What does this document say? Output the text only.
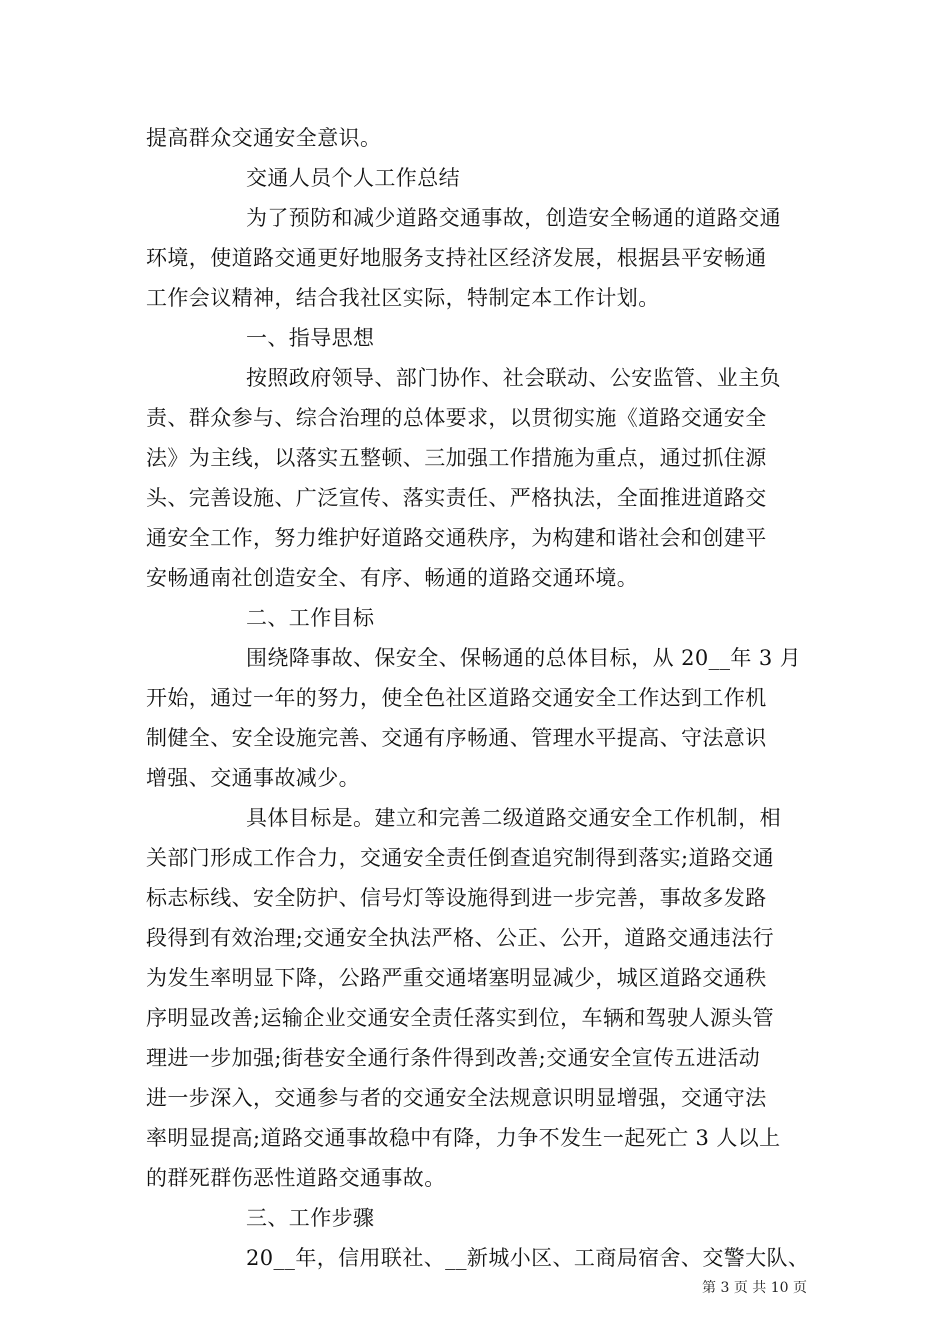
提高群众交通安全意识。
交通人员个人工作总结
为了预防和减少道路交通事故，创造安全畅通的道路交通
环境，使道路交通更好地服务支持社区经济发展，根据县平安畅通
工作会议精神，结合我社区实际，特制定本工作计划。
一、指导思想
按照政府领导、部门协作、社会联动、公安监管、业主负
责、群众参与、综合治理的总体要求，以贯彻实施《道路交通安全
法》为主线，以落实五整顿、三加强工作措施为重点，通过抓住源
头、完善设施、广泛宣传、落实责任、严格执法，全面推进道路交
通安全工作，努力维护好道路交通秩序，为构建和谐社会和创建平
安畅通南社创造安全、有序、畅通的道路交通环境。
二、工作目标
围绕降事故、保安全、保畅通的总体目标，从 20__年 3 月
开始，通过一年的努力，使全色社区道路交通安全工作达到工作机
制健全、安全设施完善、交通有序畅通、管理水平提高、守法意识
增强、交通事故减少。
具体目标是。建立和完善二级道路交通安全工作机制，相
关部门形成工作合力，交通安全责任倒查追究制得到落实;道路交通
标志标线、安全防护、信号灯等设施得到进一步完善，事故多发路
段得到有效治理;交通安全执法严格、公正、公开，道路交通违法行
为发生率明显下降，公路严重交通堵塞明显减少，城区道路交通秩
序明显改善;运输企业交通安全责任落实到位，车辆和驾驶人源头管
理进一步加强;街巷安全通行条件得到改善;交通安全宣传五进活动
进一步深入，交通参与者的交通安全法规意识明显增强，交通守法
率明显提高;道路交通事故稳中有降，力争不发生一起死亡 3 人以上
的群死群伤恶性道路交通事故。
三、工作步骤
20__年，信用联社、__新城小区、工商局宿舍、交警大队、
第 3 页 共 10 页
